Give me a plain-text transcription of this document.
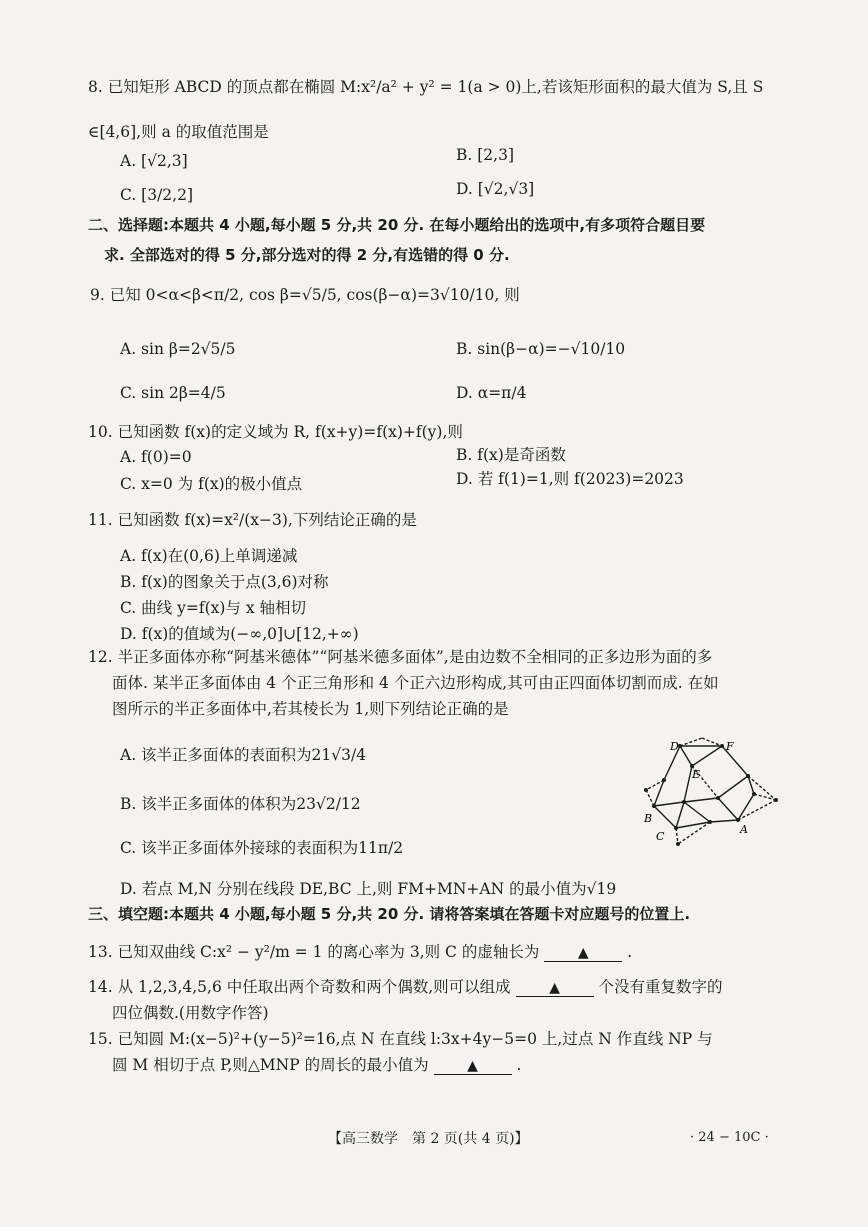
8. 已知矩形 ABCD 的顶点都在椭圆 M:x²/a² + y² = 1(a > 0)上,若该矩形面积的最大值为 S,且 S
∈[4,6],则 a 的取值范围是
A. [√2,3]	B. [2,3]
C. [3/2,2]	D. [√2,√3]
二、选择题:本题共 4 小题,每小题 5 分,共 20 分. 在每小题给出的选项中,有多项符合题目要
求. 全部选对的得 5 分,部分选对的得 2 分,有选错的得 0 分.
9. 已知 0<α<β<π/2, cos β=√5/5, cos(β−α)=3√10/10, 则
A. sin β=2√5/5	B. sin(β−α)=−√10/10
C. sin 2β=4/5	D. α=π/4
10. 已知函数 f(x)的定义域为 R, f(x+y)=f(x)+f(y),则
A. f(0)=0	B. f(x)是奇函数
C. x=0 为 f(x)的极小值点	D. 若 f(1)=1,则 f(2023)=2023
11. 已知函数 f(x)=x²/(x−3),下列结论正确的是
A. f(x)在(0,6)上单调递减
B. f(x)的图象关于点(3,6)对称
C. 曲线 y=f(x)与 x 轴相切
D. f(x)的值域为(−∞,0]∪[12,+∞)
12. 半正多面体亦称“阿基米德体”“阿基米德多面体”,是由边数不全相同的正多边形为面的多
面体. 某半正多面体由 4 个正三角形和 4 个正六边形构成,其可由正四面体切割而成. 在如
图所示的半正多面体中,若其棱长为 1,则下列结论正确的是
A. 该半正多面体的表面积为21√3/4
B. 该半正多面体的体积为23√2/12
C. 该半正多面体外接球的表面积为11π/2
D. 若点 M,N 分别在线段 DE,BC 上,则 FM+MN+AN 的最小值为√19
D	F
E
B
C
A
三、填空题:本题共 4 小题,每小题 5 分,共 20 分. 请将答案填在答题卡对应题号的位置上.
13. 已知双曲线 C:x² − y²/m = 1 的离心率为 3,则 C 的虚轴长为	▲ .
14. 从 1,2,3,4,5,6 中任取出两个奇数和两个偶数,则可以组成	▲ 个没有重复数字的
四位偶数.(用数字作答)
15. 已知圆 M:(x−5)²+(y−5)²=16,点 N 在直线 l:3x+4y−5=0 上,过点 N 作直线 NP 与
圆 M 相切于点 P,则△MNP 的周长的最小值为	▲ .
【高三数学　第 2 页(共 4 页)】	· 24 − 10C ·
